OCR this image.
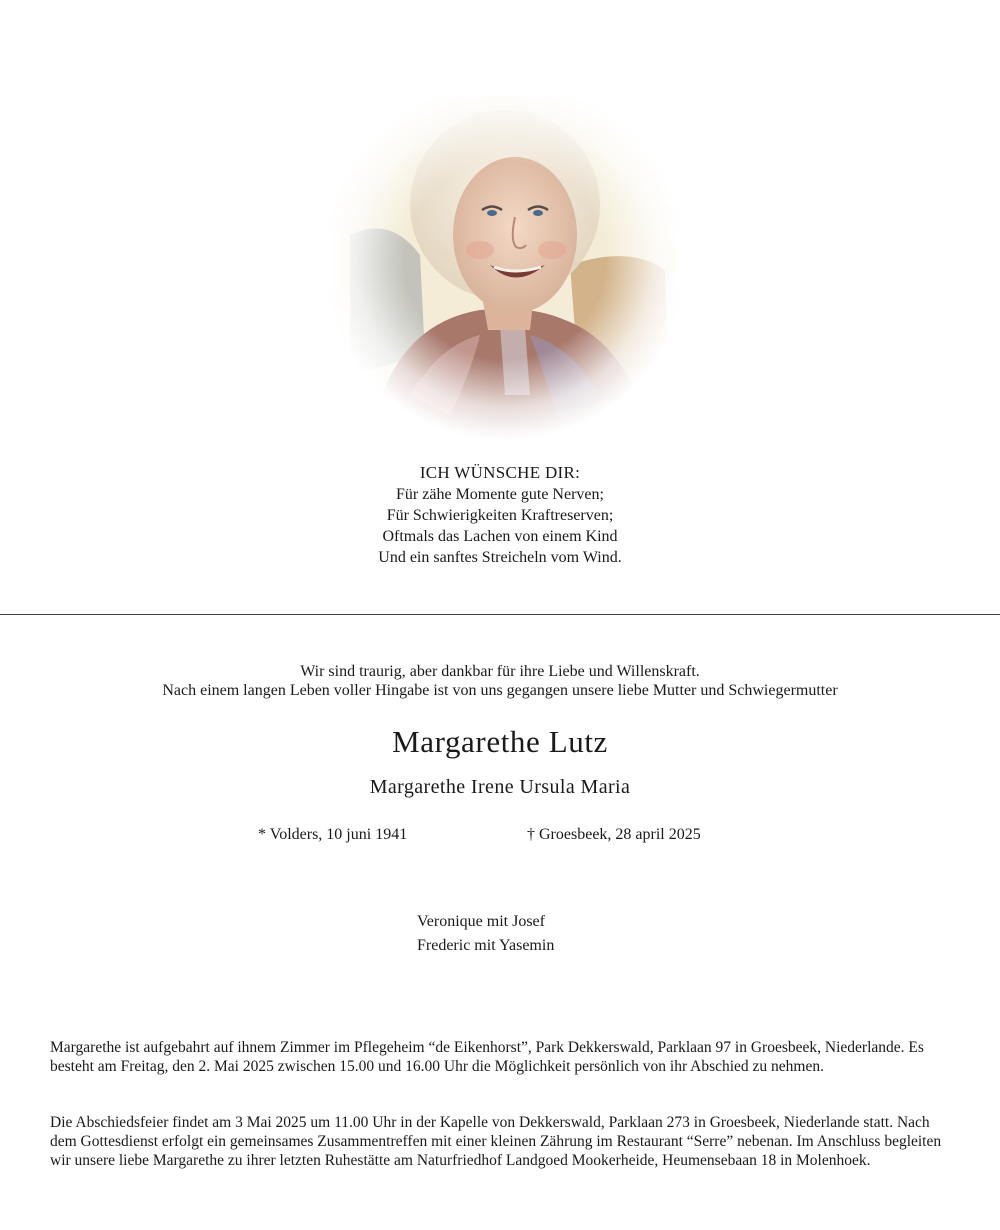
ICH WÜNSCHE DIR:
Für zähe Momente gute Nerven;
Für Schwierigkeiten Kraftreserven;
Oftmals das Lachen von einem Kind
Und ein sanftes Streicheln vom Wind.
Wir sind traurig, aber dankbar für ihre Liebe und Willenskraft.
Nach einem langen Leben voller Hingabe ist von uns gegangen unsere liebe Mutter und Schwiegermutter
Margarethe Lutz
Margarethe Irene Ursula Maria
* Volders, 10 juni 1941	† Groesbeek, 28 april 2025
Veronique mit Josef
Frederic mit Yasemin
Margarethe ist aufgebahrt auf ihnem Zimmer im Pflegeheim “de Eikenhorst”, Park Dekkerswald, Parklaan 97 in Groesbeek, Niederlande. Es besteht am Freitag, den 2. Mai 2025 zwischen 15.00 und 16.00 Uhr die Möglichkeit persönlich von ihr Abschied zu nehmen.
Die Abschiedsfeier findet am 3 Mai 2025 um 11.00 Uhr in der Kapelle von Dekkerswald, Parklaan 273 in Groesbeek, Niederlande statt. Nach dem Gottesdienst erfolgt ein gemeinsames Zusammentreffen mit einer kleinen Zährung im Restaurant “Serre” nebenan. Im Anschluss begleiten wir unsere liebe Margarethe zu ihrer letzten Ruhestätte am Naturfriedhof Landgoed Mookerheide, Heumensebaan 18 in Molenhoek.
